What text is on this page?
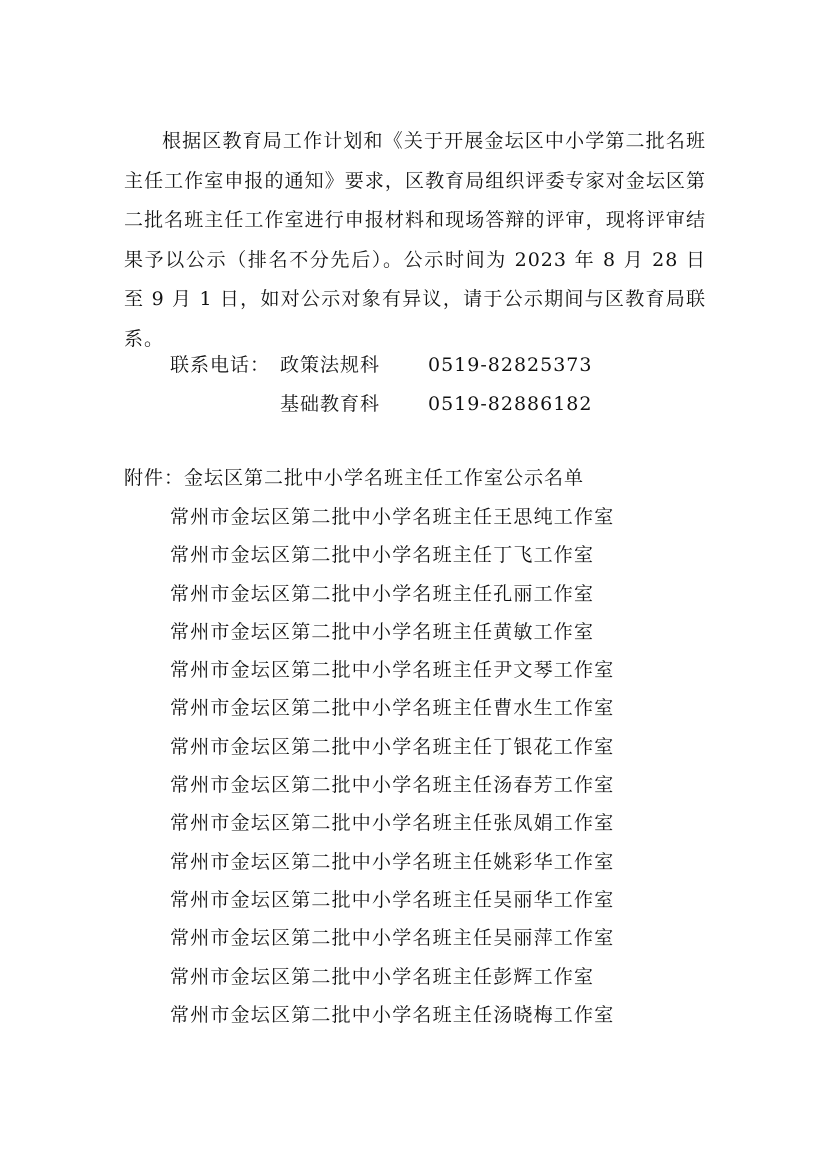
根据区教育局工作计划和《关于开展金坛区中小学第二批名班主任工作室申报的通知》要求，区教育局组织评委专家对金坛区第二批名班主任工作室进行申报材料和现场答辩的评审，现将评审结果予以公示（排名不分先后）。公示时间为 2023 年 8 月 28 日至 9 月 1 日，如对公示对象有异议，请于公示期间与区教育局联系。

联系电话： 政策法规科	0519-82825373
基础教育科	0519-82886182
附件：金坛区第二批中小学名班主任工作室公示名单
常州市金坛区第二批中小学名班主任王思纯工作室
常州市金坛区第二批中小学名班主任丁飞工作室
常州市金坛区第二批中小学名班主任孔丽工作室
常州市金坛区第二批中小学名班主任黄敏工作室
常州市金坛区第二批中小学名班主任尹文琴工作室
常州市金坛区第二批中小学名班主任曹水生工作室
常州市金坛区第二批中小学名班主任丁银花工作室
常州市金坛区第二批中小学名班主任汤春芳工作室
常州市金坛区第二批中小学名班主任张凤娟工作室
常州市金坛区第二批中小学名班主任姚彩华工作室
常州市金坛区第二批中小学名班主任吴丽华工作室
常州市金坛区第二批中小学名班主任吴丽萍工作室
常州市金坛区第二批中小学名班主任彭辉工作室
常州市金坛区第二批中小学名班主任汤晓梅工作室
